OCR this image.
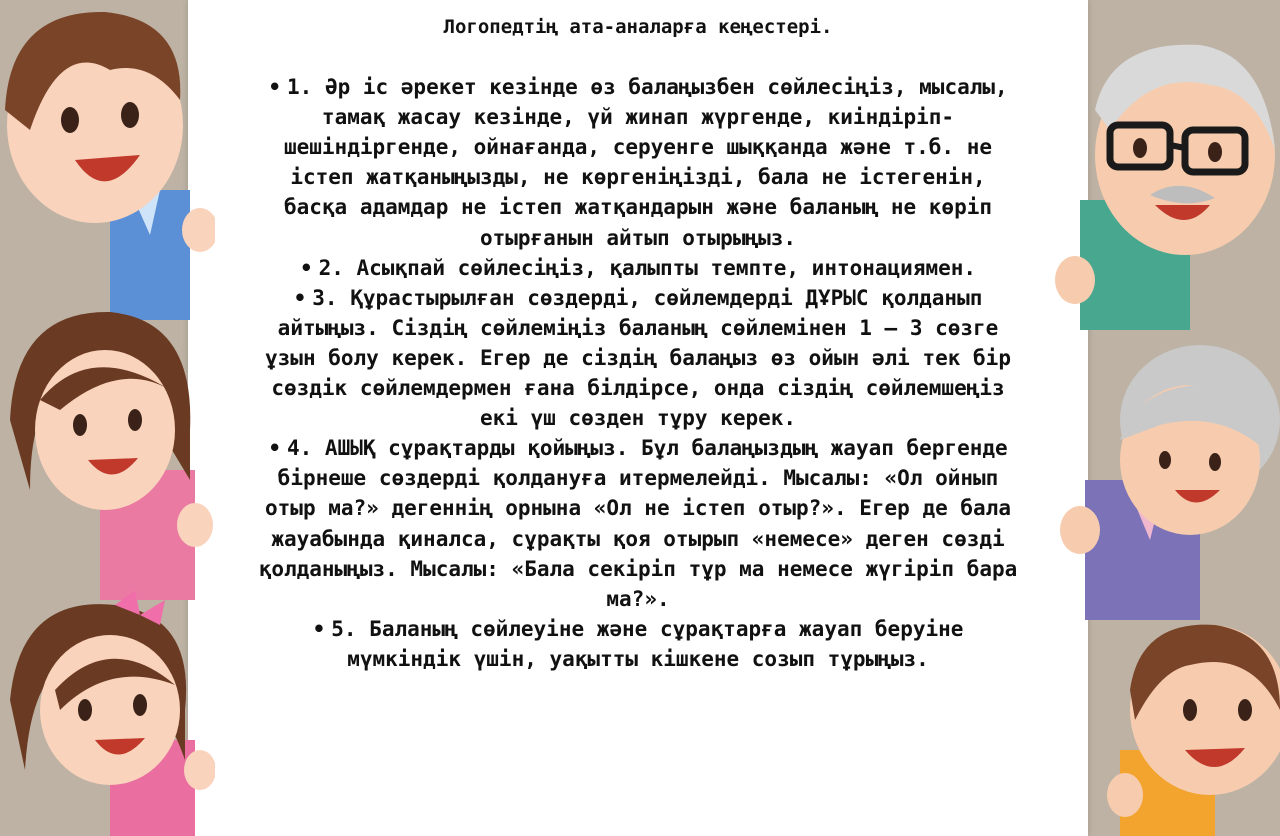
Логопедтің ата-аналарға кеңестері.

• 1. Әр іс әрекет кезінде өз балаңызбен сөйлесіңіз, мысалы, тамақ жасау кезінде, үй жинап жүргенде, киіндіріп-шешіндіргенде, ойнағанда, серуенге шыққанда және т.б. не істеп жатқаныңызды, не көргеніңізді, бала не істегенін, басқа адамдар не істеп жатқандарын және баланың не көріп отырғанын айтып отырыңыз.

• 2. Асықпай сөйлесіңіз, қалыпты темпте, интонациямен.

• 3. Құрастырылған сөздерді, сөйлемдерді ДҰРЫС қолданып айтыңыз. Сіздің сөйлеміңіз баланың сөйлемінен 1 – 3 сөзге ұзын болу керек. Егер де сіздің балаңыз өз ойын әлі тек бір сөздік сөйлемдермен ғана білдірсе, онда сіздің сөйлемшеңіз екі үш сөзден тұру керек.

• 4. АШЫҚ сұрақтарды қойыңыз. Бұл балаңыздың жауап бергенде бірнеше сөздерді қолдануға итермелейді. Мысалы: «Ол ойнып отыр ма?» дегеннің орнына «Ол не істеп отыр?». Егер де бала жауабында қиналса, сұрақты қоя отырып «немесе» деген сөзді қолданыңыз. Мысалы: «Бала секіріп тұр ма немесе жүгіріп бара ма?».

• 5. Баланың сөйлеуіне және сұрақтарға жауап беруіне мүмкіндік үшін, уақытты кішкене созып тұрыңыз.
